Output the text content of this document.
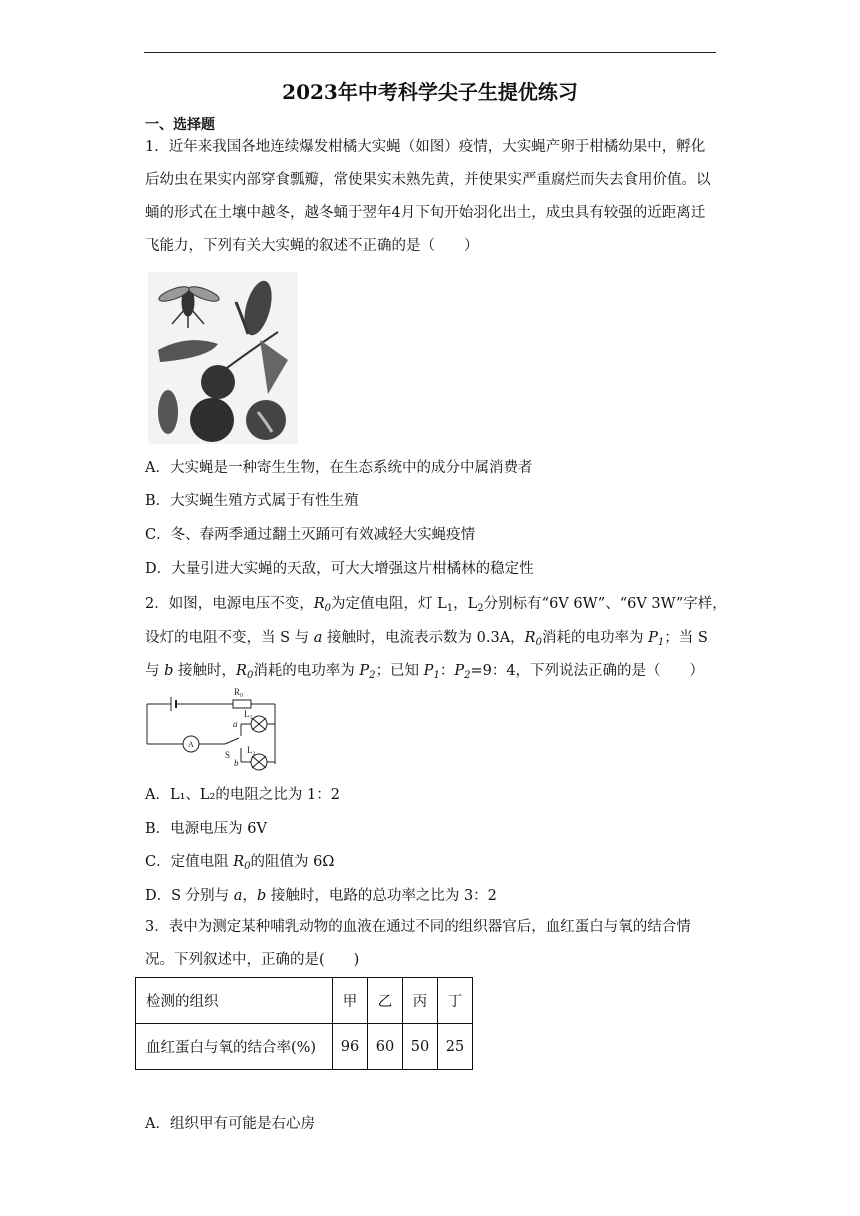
2023年中考科学尖子生提优练习
一、选择题

1．近年来我国各地连续爆发柑橘大实蝇（如图）疫情，大实蝇产卵于柑橘幼果中，孵化后幼虫在果实内部穿食瓢瓣，常使果实未熟先黄，并使果实严重腐烂而失去食用价值。以蛹的形式在土壤中越冬，越冬蛹于翌年4月下旬开始羽化出土，成虫具有较强的近距离迁飞能力，下列有关大实蝇的叙述不正确的是（　　）

A．大实蝇是一种寄生生物，在生态系统中的成分中属消费者
B．大实蝇生殖方式属于有性生殖
C．冬、春两季通过翻土灭踊可有效减轻大实蝇疫情
D．大量引进大实蝇的天敌，可大大增强这片柑橘林的稳定性
2．如图，电源电压不变，$R_0$为定值电阻，灯 $L_1$，$L_2$分别标有“6V 6W”、“6V 3W”字样，
设灯的电阻不变，当 S 与 a 接触时，电流表示数为 0.3A，$R_0$消耗的电功率为 $P_1$；当 S
与 b 接触时，$R_0$消耗的电功率为 $P_2$；已知 $P_1$：$P_2=9$：4，下列说法正确的是（　　）
R₀
L₁
a
L₂
S
b
A
A．L₁、L₂的电阻之比为 1：2
B．电源电压为 6V
C．定值电阻 $R_0$的阻值为 6Ω
D．S 分别与 a，b 接触时，电路的总功率之比为 3：2

3．表中为测定某种哺乳动物的血液在通过不同的组织器官后，血红蛋白与氧的结合情况。下列叙述中，正确的是(　　)

检测的组织	甲	乙	丙	丁
血红蛋白与氧的结合率(%)	96	60	50	25
A．组织甲有可能是右心房
